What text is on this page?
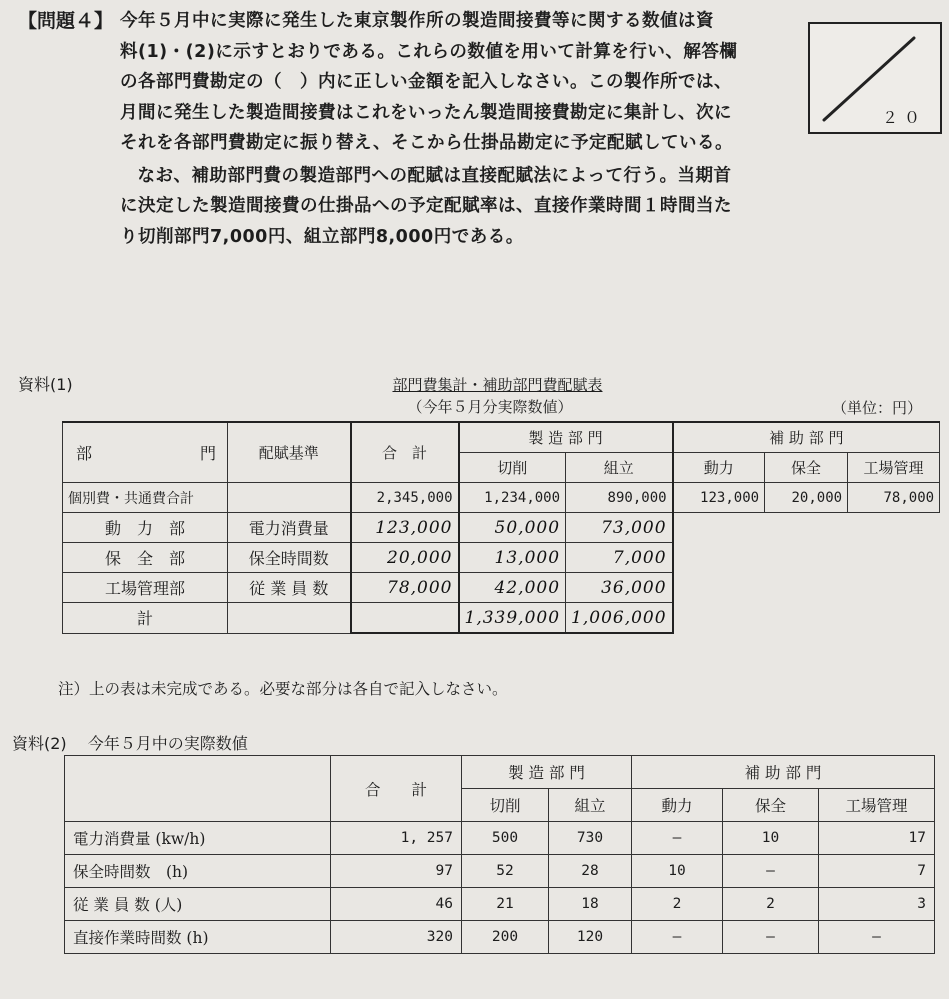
【問題４】 今年５月中に実際に発生した東京製作所の製造間接費等に関する数値は資

料(1)・(2)に示すとおりである。これらの数値を用いて計算を行い、解答欄

の各部門費勘定の（　）内に正しい金額を記入しなさい。この製作所では、

月間に発生した製造間接費はこれをいったん製造間接費勘定に集計し、次に

それを各部門費勘定に振り替え、そこから仕掛品勘定に予定配賦している。

なお、補助部門費の製造部門への配賦は直接配賦法によって行う。当期首

に決定した製造間接費の仕掛品への予定配賦率は、直接作業時間１時間当た

り切削部門7,000円、組立部門8,000円である。

２０
資料(1)	部門費集計・補助部門費配賦表
（今年５月分実際数値）	（単位：円）
部 門	配賦基準	合　計	製 造 部 門		補 助 部 門		
			切削	組立	動力	保全	工場管理
個別費・共通費合計		2,345,000	1,234,000	890,000	123,000	20,000	78,000
動　力　部	電力消費量	123,000	50,000	73,000			
保　全　部	保全時間数	20,000	13,000	7,000			
工場管理部	従 業 員 数	78,000	42,000	36,000			
計			1,339,000	1,006,000			
注）上の表は未完成である。必要な部分は各自で記入しなさい。
資料(2)　 今年５月中の実際数値
	合　　計	製 造 部 門		補 助 部 門		
		切削	組立	動力	保全	工場管理
電力消費量 (kw/h)	1, 257	500	730	—	10	17
保全時間数　(h)	97	52	28	10	—	7
従 業 員 数 (人)	46	21	18	2	2	3
直接作業時間数 (h)	320	200	120	—	—	—
